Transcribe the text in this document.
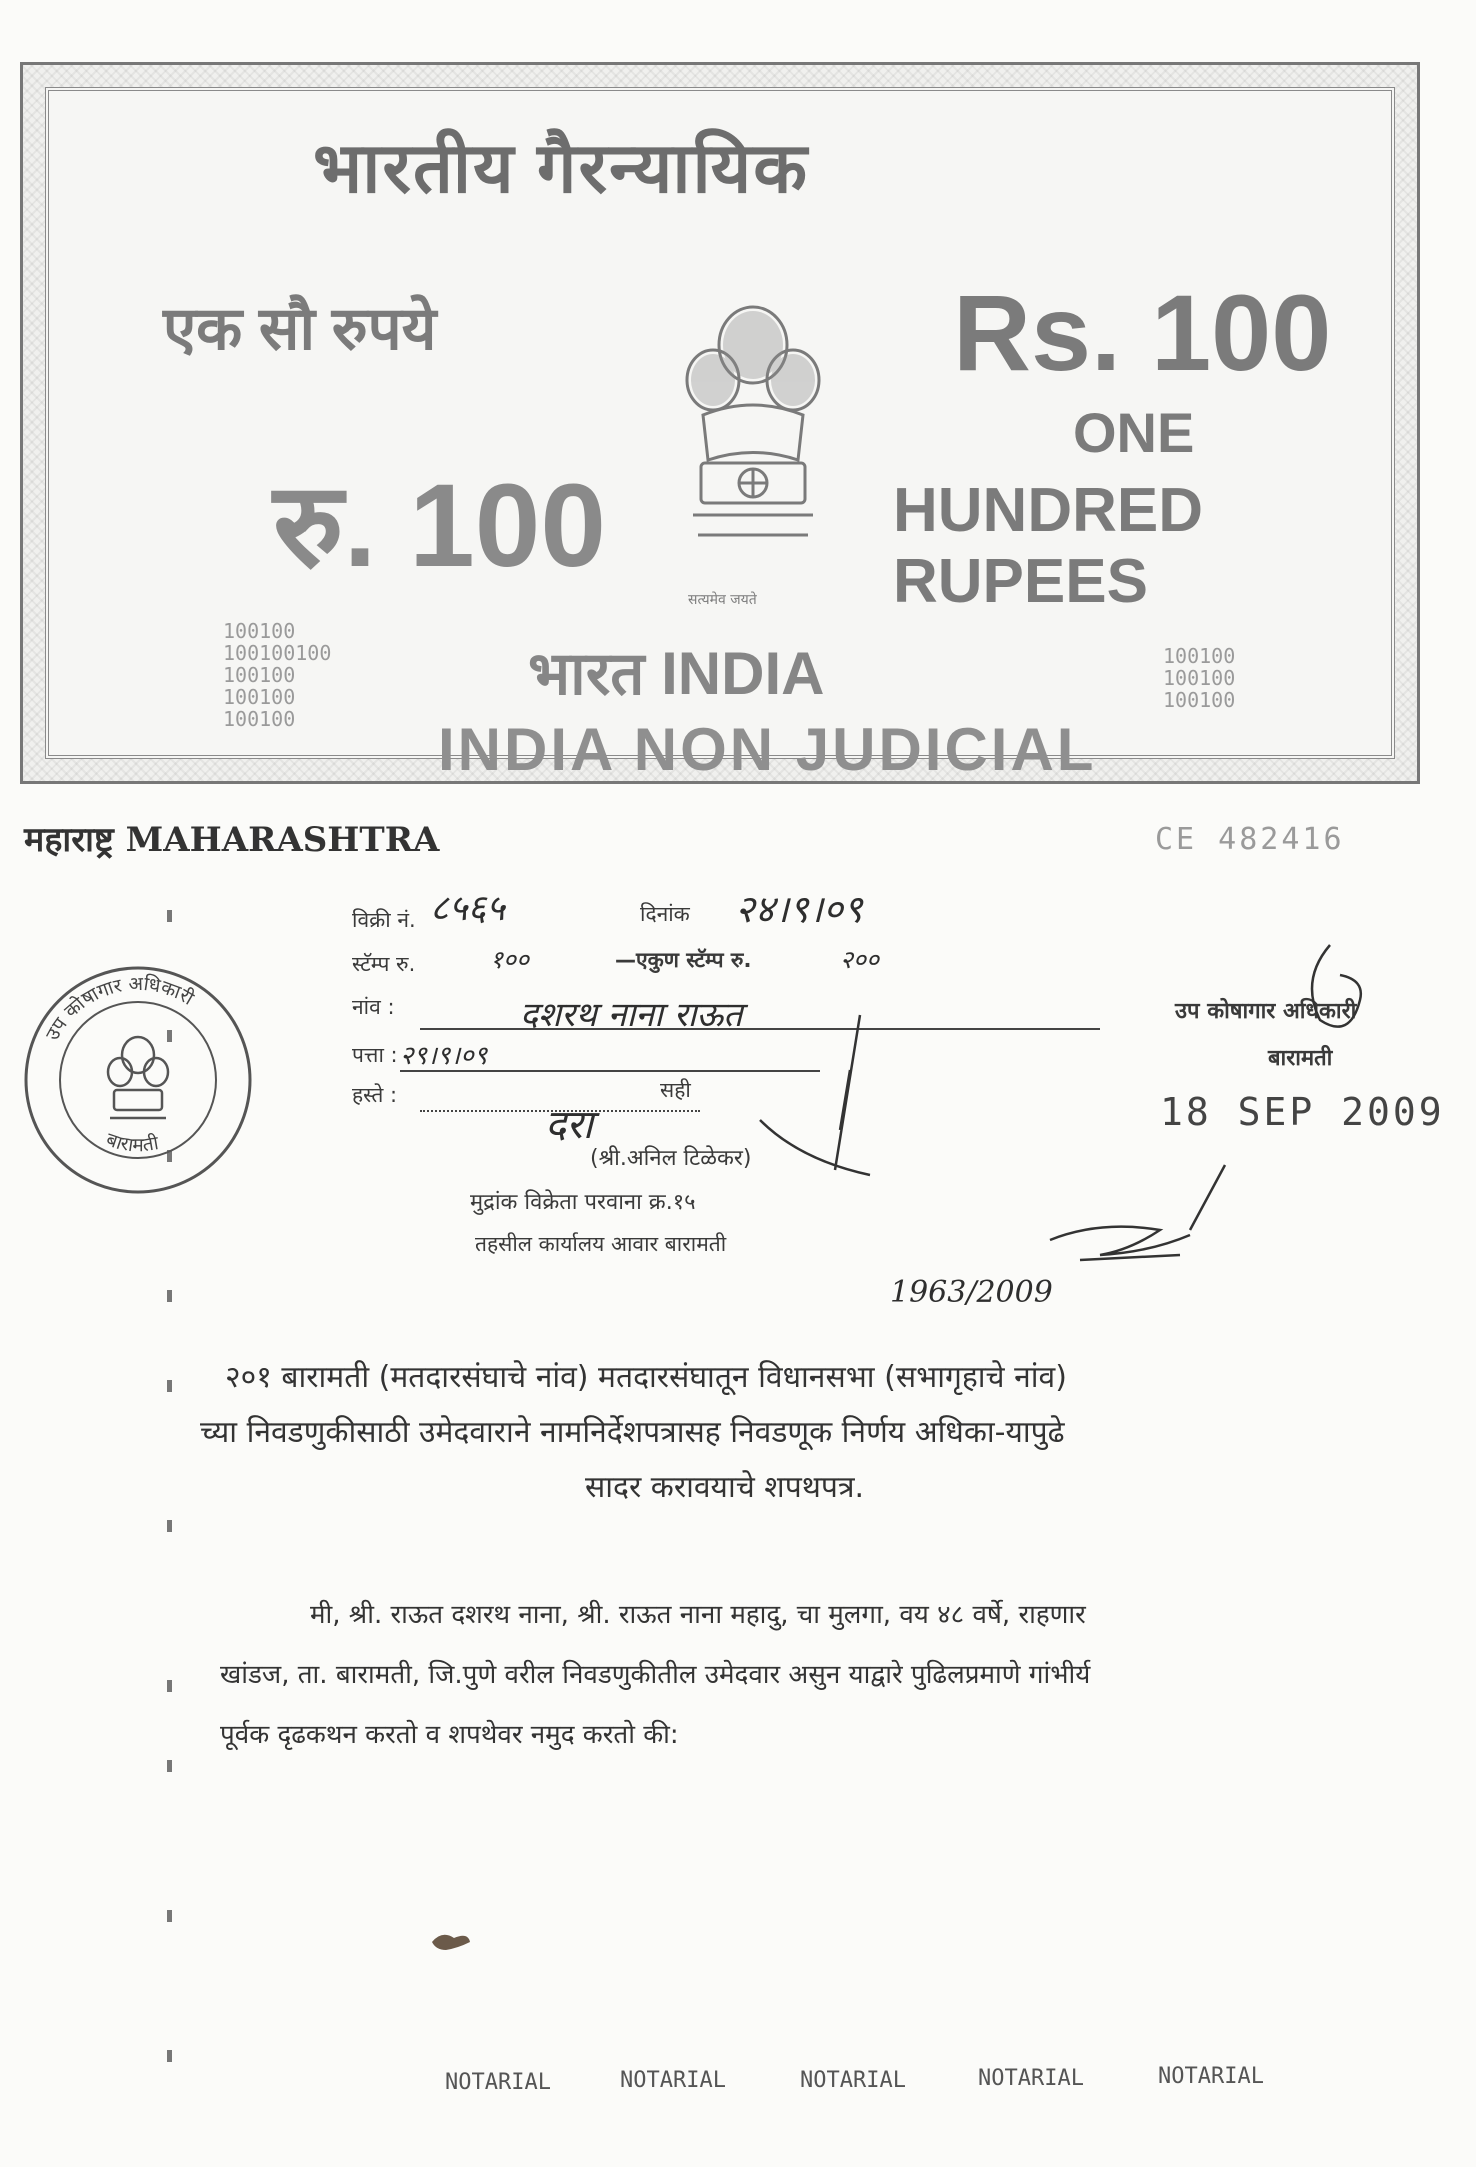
भारतीय गैरन्यायिक
एक सौ रुपये	Rs. 100
ONE
HUNDRED RUPEES
रु. 100
सत्यमेव जयते
भारत INDIA
INDIA NON JUDICIAL
100100
100100100
100100
100100
100100
100100
100100
100100
महाराष्ट्र MAHARASHTRA	CE 482416
उप कोषागार अधिकारी
बारामती
विक्री नं. ८५६५	दिनांक २४।९।०९
स्टॅम्प रु.	१००	—एकुण स्टॅम्प रु.	२००
नांव :	दशरथ नाना राऊत
पत्ता : २९।९।०९
हस्ते :
दरा
सही
(श्री.अनिल टिळेकर)
मुद्रांक विक्रेता परवाना क्र.१५
तहसील कार्यालय आवार बारामती
उप कोषागार अधिकारी
बारामती
18 SEP 2009
1963/2009
२०१ बारामती (मतदारसंघाचे नांव) मतदारसंघातून विधानसभा (सभागृहाचे नांव)
च्या निवडणुकीसाठी उमेदवाराने नामनिर्देशपत्रासह निवडणूक निर्णय अधिका-यापुढे
सादर करावयाचे शपथपत्र.
मी, श्री. राऊत दशरथ नाना, श्री. राऊत नाना महादु, चा मुलगा, वय ४८ वर्षे, राहणार
खांडज, ता. बारामती, जि.पुणे वरील निवडणुकीतील उमेदवार असुन याद्वारे पुढिलप्रमाणे गांभीर्य
पूर्वक दृढकथन करतो व शपथेवर नमुद करतो की:
NOTARIAL	NOTARIAL	NOTARIAL	NOTARIAL	NOTARIAL
